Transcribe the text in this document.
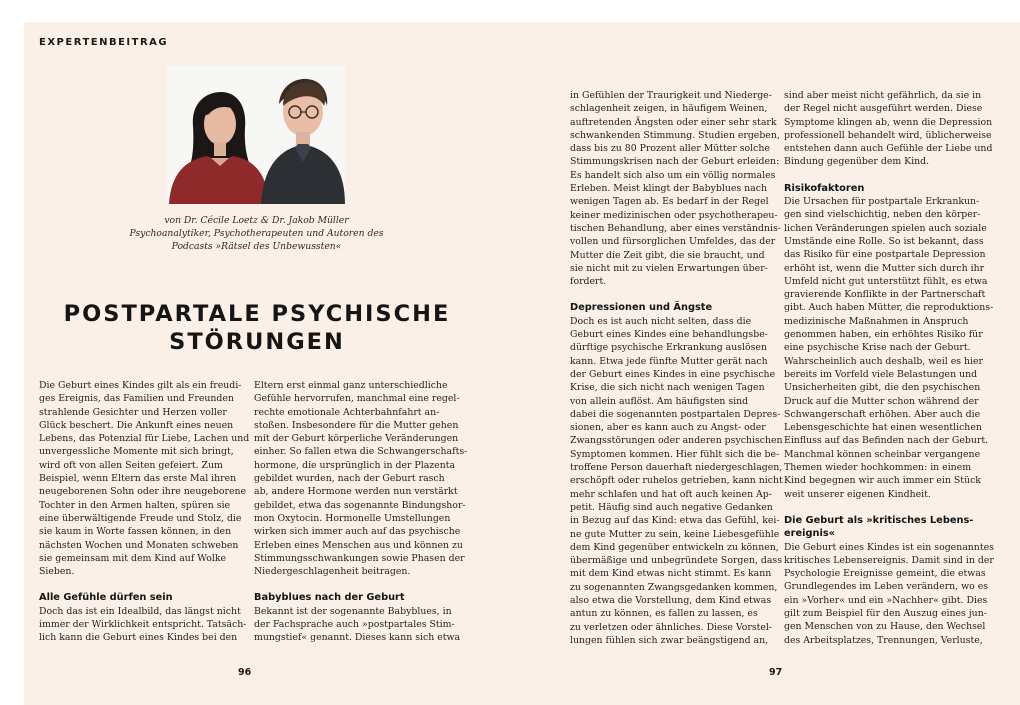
EXPERTENBEITRAG
von Dr. Cécile Loetz & Dr. Jakob Müller
Psychoanalytiker, Psychotherapeuten und Autoren des
Podcasts »Rätsel des Unbewussten«
POSTPARTALE PSYCHISCHE
STÖRUNGEN

Die Geburt eines Kindes gilt als ein freudi-

ges Ereignis, das Familien und Freunden

strahlende Gesichter und Herzen voller

Glück beschert. Die Ankunft eines neuen

Lebens, das Potenzial für Liebe, Lachen und

unvergessliche Momente mit sich bringt,

wird oft von allen Seiten gefeiert. Zum

Beispiel, wenn Eltern das erste Mal ihren

neugeborenen Sohn oder ihre neugeborene

Tochter in den Armen halten, spüren sie

eine überwältigende Freude und Stolz, die

sie kaum in Worte fassen können, in den

nächsten Wochen und Monaten schweben

sie gemeinsam mit dem Kind auf Wolke

Sieben.

Alle Gefühle dürfen sein

Doch das ist ein Idealbild, das längst nicht

immer der Wirklichkeit entspricht. Tatsäch-

lich kann die Geburt eines Kindes bei den

Eltern erst einmal ganz unterschiedliche

Gefühle hervorrufen, manchmal eine regel-

rechte emotionale Achterbahnfahrt an-

stoßen. Insbesondere für die Mutter gehen

mit der Geburt körperliche Veränderungen

einher. So fallen etwa die Schwangerschafts-

hormone, die ursprünglich in der Plazenta

gebildet wurden, nach der Geburt rasch

ab, andere Hormone werden nun verstärkt

gebildet, etwa das sogenannte Bindungshor-

mon Oxytocin. Hormonelle Umstellungen

wirken sich immer auch auf das psychische

Erleben eines Menschen aus und können zu

Stimmungsschwankungen sowie Phasen der

Niedergeschlagenheit beitragen.

Babyblues nach der Geburt

Bekannt ist der sogenannte Babyblues, in

der Fachsprache auch »postpartales Stim-

mungstief« genannt. Dieses kann sich etwa

96

in Gefühlen der Traurigkeit und Niederge-

schlagenheit zeigen, in häufigem Weinen,

auftretenden Ängsten oder einer sehr stark

schwankenden Stimmung. Studien ergeben,

dass bis zu 80 Prozent aller Mütter solche

Stimmungskrisen nach der Geburt erleiden:

Es handelt sich also um ein völlig normales

Erleben. Meist klingt der Babyblues nach

wenigen Tagen ab. Es bedarf in der Regel

keiner medizinischen oder psychotherapeu-

tischen Behandlung, aber eines verständnis-

vollen und fürsorglichen Umfeldes, das der

Mutter die Zeit gibt, die sie braucht, und

sie nicht mit zu vielen Erwartungen über-

fordert.

Depressionen und Ängste

Doch es ist auch nicht selten, dass die

Geburt eines Kindes eine behandlungsbe-

dürftige psychische Erkrankung auslösen

kann. Etwa jede fünfte Mutter gerät nach

der Geburt eines Kindes in eine psychische

Krise, die sich nicht nach wenigen Tagen

von allein auflöst. Am häufigsten sind

dabei die sogenannten postpartalen Depres-

sionen, aber es kann auch zu Angst- oder

Zwangsstörungen oder anderen psychischen

Symptomen kommen. Hier fühlt sich die be-

troffene Person dauerhaft niedergeschlagen,

erschöpft oder ruhelos getrieben, kann nicht

mehr schlafen und hat oft auch keinen Ap-

petit. Häufig sind auch negative Gedanken

in Bezug auf das Kind: etwa das Gefühl, kei-

ne gute Mutter zu sein, keine Liebesgefühle

dem Kind gegenüber entwickeln zu können,

übermäßige und unbegründete Sorgen, dass

mit dem Kind etwas nicht stimmt. Es kann

zu sogenannten Zwangsgedanken kommen,

also etwa die Vorstellung, dem Kind etwas

antun zu können, es fallen zu lassen, es

zu verletzen oder ähnliches. Diese Vorstel-

lungen fühlen sich zwar beängstigend an,

sind aber meist nicht gefährlich, da sie in

der Regel nicht ausgeführt werden. Diese

Symptome klingen ab, wenn die Depression

professionell behandelt wird, üblicherweise

entstehen dann auch Gefühle der Liebe und

Bindung gegenüber dem Kind.

Risikofaktoren

Die Ursachen für postpartale Erkrankun-

gen sind vielschichtig, neben den körper-

lichen Veränderungen spielen auch soziale

Umstände eine Rolle. So ist bekannt, dass

das Risiko für eine postpartale Depression

erhöht ist, wenn die Mutter sich durch ihr

Umfeld nicht gut unterstützt fühlt, es etwa

gravierende Konflikte in der Partnerschaft

gibt. Auch haben Mütter, die reproduktions-

medizinische Maßnahmen in Anspruch

genommen haben, ein erhöhtes Risiko für

eine psychische Krise nach der Geburt.

Wahrscheinlich auch deshalb, weil es hier

bereits im Vorfeld viele Belastungen und

Unsicherheiten gibt, die den psychischen

Druck auf die Mutter schon während der

Schwangerschaft erhöhen. Aber auch die

Lebensgeschichte hat einen wesentlichen

Einfluss auf das Befinden nach der Geburt.

Manchmal können scheinbar vergangene

Themen wieder hochkommen: in einem

Kind begegnen wir auch immer ein Stück

weit unserer eigenen Kindheit.

Die Geburt als »kritisches Lebens-
ereignis«

Die Geburt eines Kindes ist ein sogenanntes

kritisches Lebensereignis. Damit sind in der

Psychologie Ereignisse gemeint, die etwas

Grundlegendes im Leben verändern, wo es

ein »Vorher« und ein »Nachher« gibt. Dies

gilt zum Beispiel für den Auszug eines jun-

gen Menschen von zu Hause, den Wechsel

des Arbeitsplatzes, Trennungen, Verluste,

97
